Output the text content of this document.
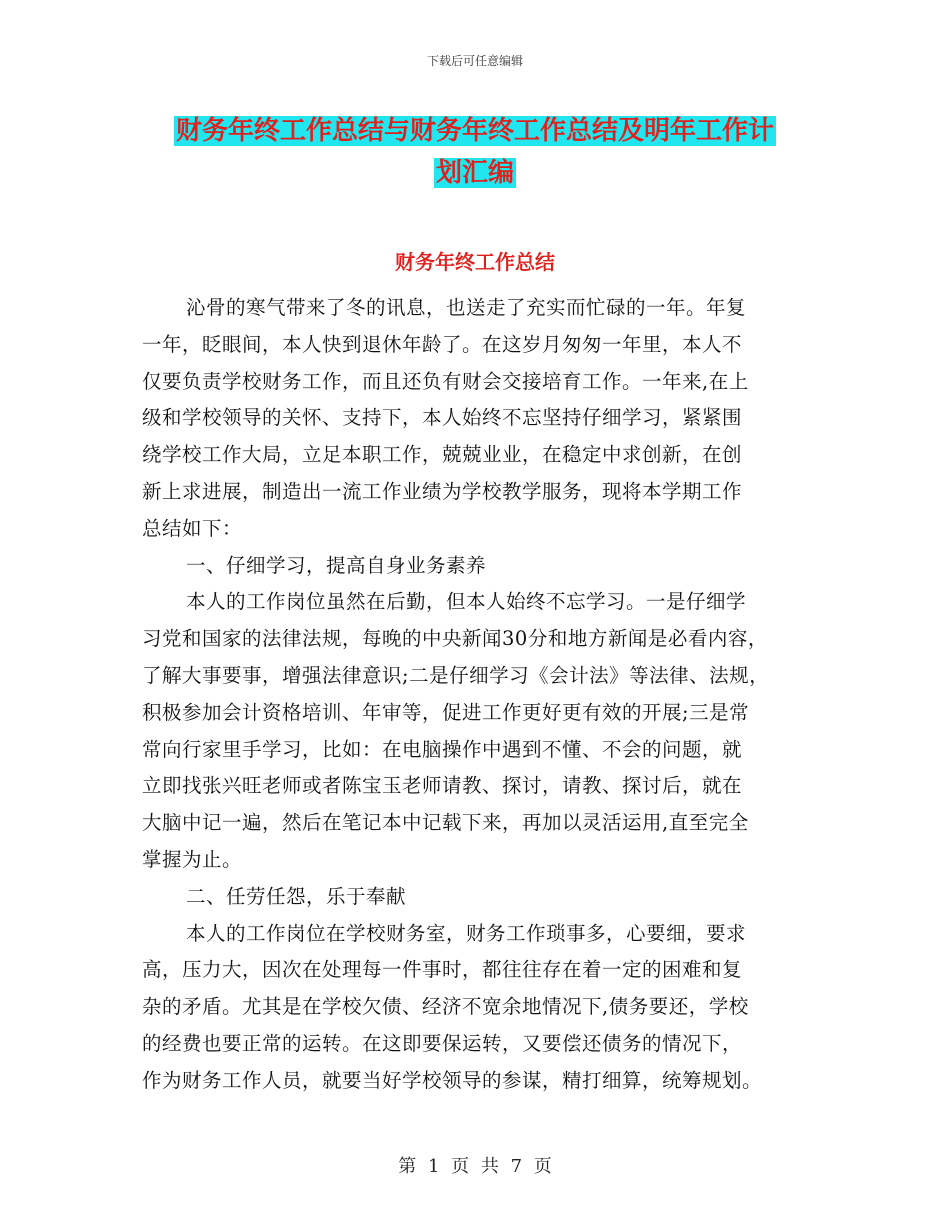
下载后可任意编辑
财务年终工作总结与财务年终工作总结及明年工作计
划汇编
财务年终工作总结
沁骨的寒气带来了冬的讯息，也送走了充实而忙碌的一年。年复
一年，眨眼间，本人快到退休年龄了。在这岁月匆匆一年里，本人不
仅要负责学校财务工作，而且还负有财会交接培育工作。一年来,在上
级和学校领导的关怀、支持下，本人始终不忘坚持仔细学习，紧紧围
绕学校工作大局，立足本职工作，兢兢业业，在稳定中求创新，在创
新上求进展，制造出一流工作业绩为学校教学服务，现将本学期工作
总结如下：
一、仔细学习，提高自身业务素养
本人的工作岗位虽然在后勤，但本人始终不忘学习。一是仔细学
习党和国家的法律法规，每晚的中央新闻30分和地方新闻是必看内容，
了解大事要事，增强法律意识;二是仔细学习《会计法》等法律、法规，
积极参加会计资格培训、年审等，促进工作更好更有效的开展;三是常
常向行家里手学习，比如：在电脑操作中遇到不懂、不会的问题，就
立即找张兴旺老师或者陈宝玉老师请教、探讨，请教、探讨后，就在
大脑中记一遍，然后在笔记本中记载下来，再加以灵活运用,直至完全
掌握为止。
二、任劳任怨，乐于奉献
本人的工作岗位在学校财务室，财务工作琐事多，心要细，要求
高，压力大，因次在处理每一件事时，都往往存在着一定的困难和复
杂的矛盾。尤其是在学校欠债、经济不宽余地情况下,债务要还，学校
的经费也要正常的运转。在这即要保运转，又要偿还债务的情况下，
作为财务工作人员，就要当好学校领导的参谋，精打细算，统筹规划。
第 1 页 共 7 页
